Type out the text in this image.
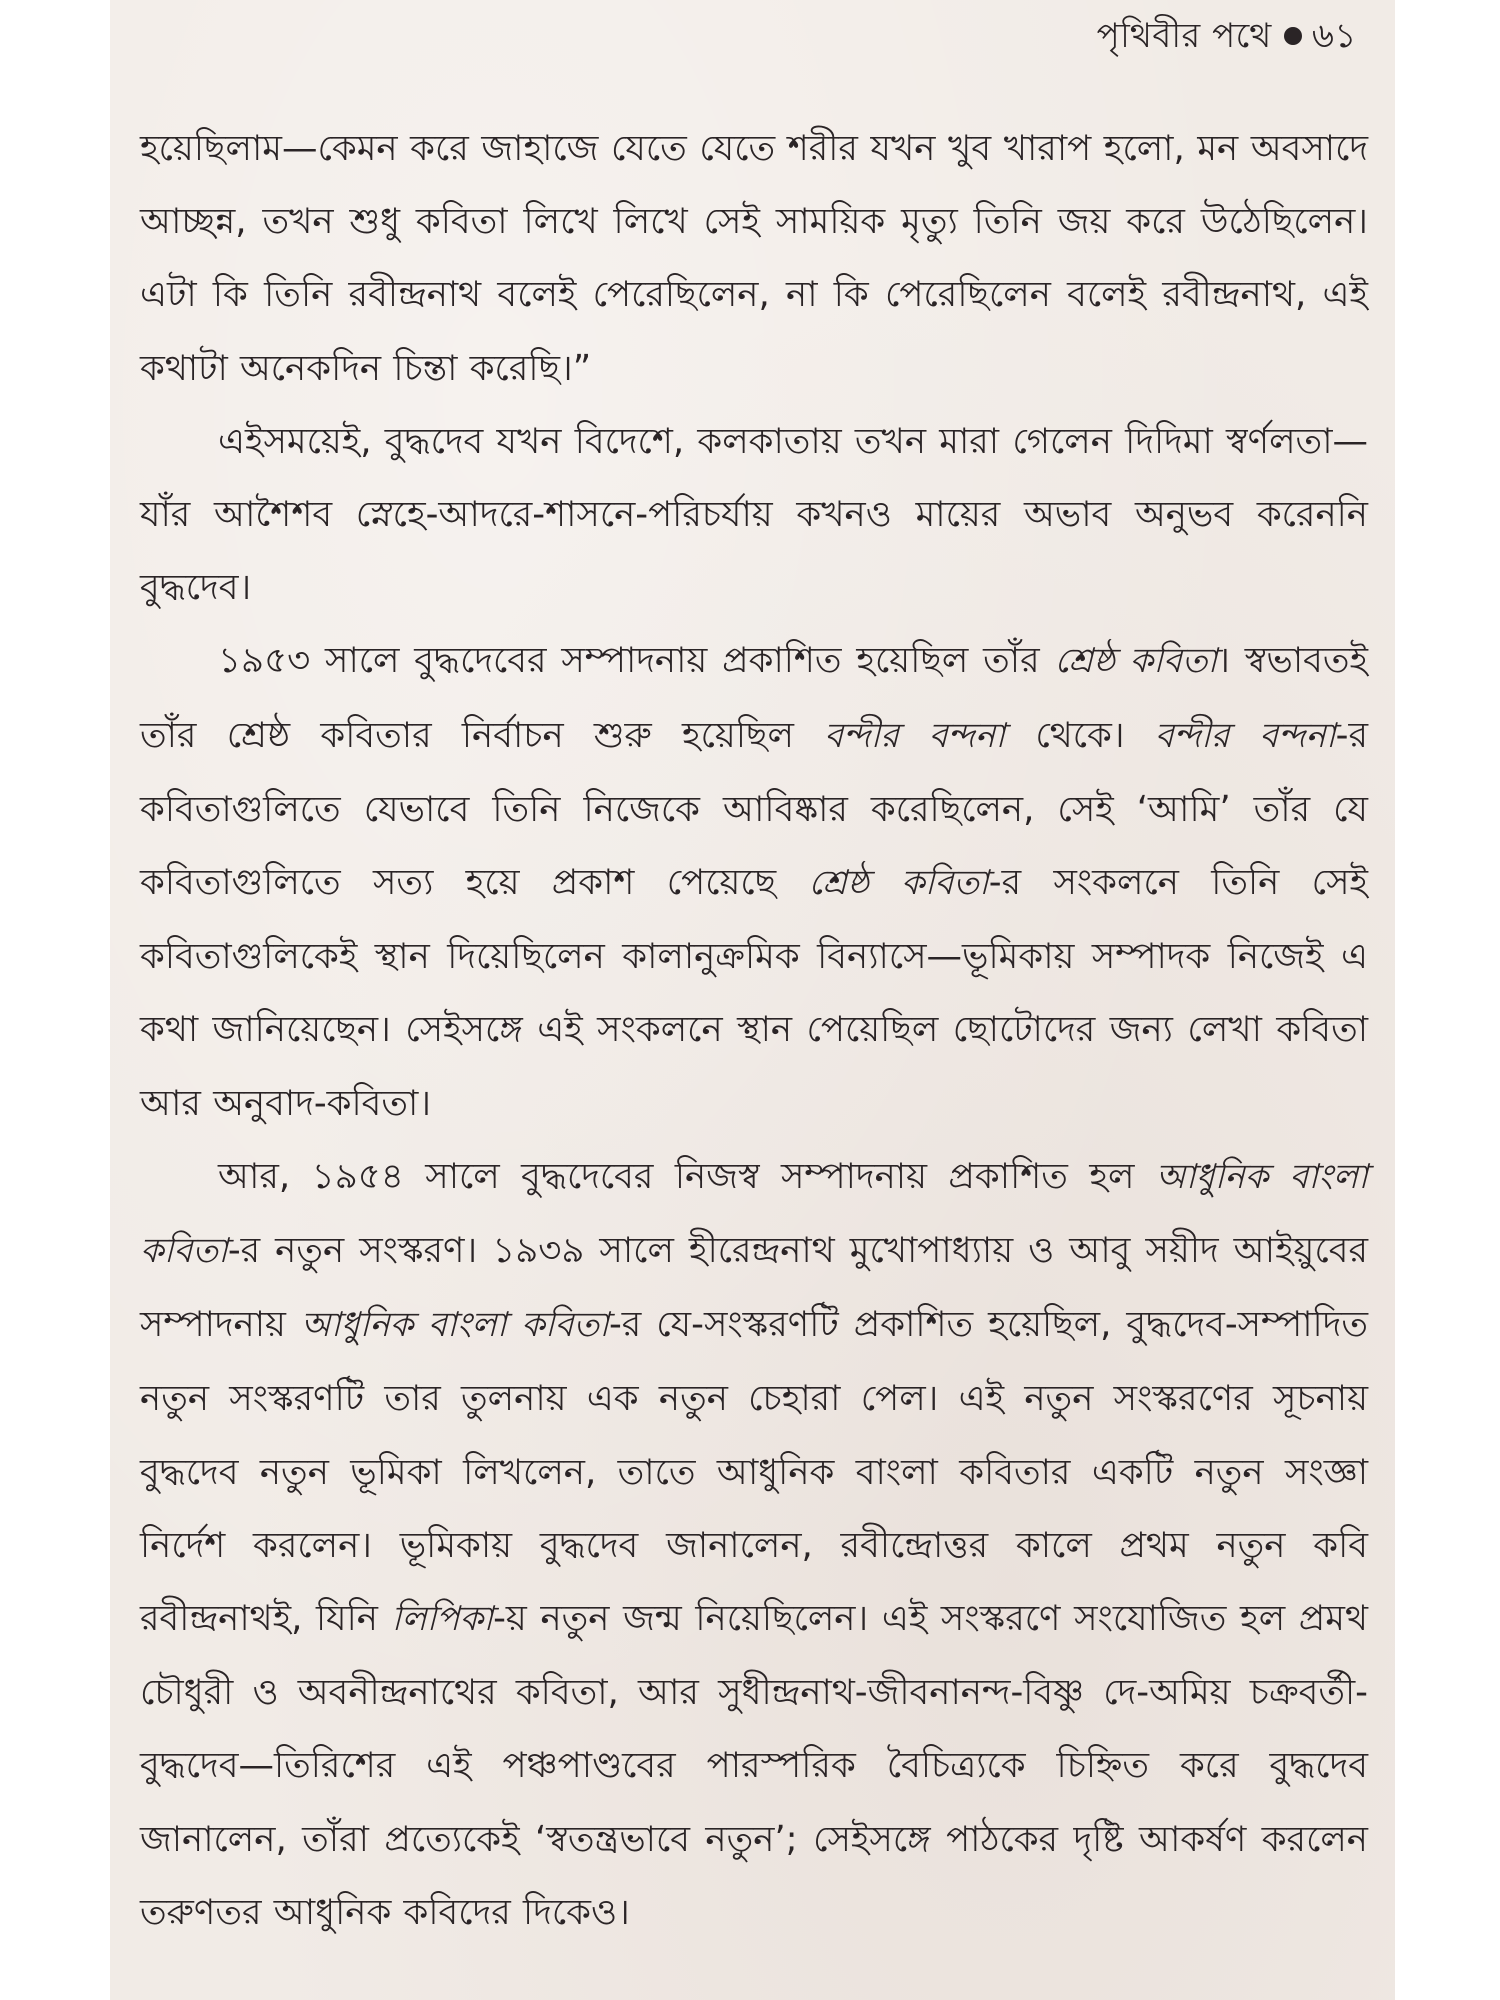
পৃথিবীর পথে ৬১

হয়েছিলাম—কেমন করে জাহাজে যেতে যেতে শরীর যখন খুব খারাপ হলো, মন অবসাদে আচ্ছন্ন, তখন শুধু কবিতা লিখে লিখে সেই সাময়িক মৃত্যু তিনি জয় করে উঠেছিলেন। এটা কি তিনি রবীন্দ্রনাথ বলেই পেরেছিলেন, না কি পেরেছিলেন বলেই রবীন্দ্রনাথ, এই কথাটা অনেকদিন চিন্তা করেছি।”

এইসময়েই, বুদ্ধদেব যখন বিদেশে, কলকাতায় তখন মারা গেলেন দিদিমা স্বর্ণলতা—যাঁর আশৈশব স্নেহে-আদরে-শাসনে-পরিচর্যায় কখনও মায়ের অভাব অনুভব করেননি বুদ্ধদেব।

১৯৫৩ সালে বুদ্ধদেবের সম্পাদনায় প্রকাশিত হয়েছিল তাঁর শ্রেষ্ঠ কবিতা। স্বভাবতই তাঁর শ্রেষ্ঠ কবিতার নির্বাচন শুরু হয়েছিল বন্দীর বন্দনা থেকে। বন্দীর বন্দনা-র কবিতাগুলিতে যেভাবে তিনি নিজেকে আবিষ্কার করেছিলেন, সেই ‘আমি’ তাঁর যে কবিতাগুলিতে সত্য হয়ে প্রকাশ পেয়েছে শ্রেষ্ঠ কবিতা-র সংকলনে তিনি সেই কবিতাগুলিকেই স্থান দিয়েছিলেন কালানুক্রমিক বিন্যাসে—ভূমিকায় সম্পাদক নিজেই এ কথা জানিয়েছেন। সেইসঙ্গে এই সংকলনে স্থান পেয়েছিল ছোটোদের জন্য লেখা কবিতা আর অনুবাদ-কবিতা।

আর, ১৯৫৪ সালে বুদ্ধদেবের নিজস্ব সম্পাদনায় প্রকাশিত হল আধুনিক বাংলা কবিতা-র নতুন সংস্করণ। ১৯৩৯ সালে হীরেন্দ্রনাথ মুখোপাধ্যায় ও আবু সয়ীদ আইয়ুবের সম্পাদনায় আধুনিক বাংলা কবিতা-র যে-সংস্করণটি প্রকাশিত হয়েছিল, বুদ্ধদেব-সম্পাদিত নতুন সংস্করণটি তার তুলনায় এক নতুন চেহারা পেল। এই নতুন সংস্করণের সূচনায় বুদ্ধদেব নতুন ভূমিকা লিখলেন, তাতে আধুনিক বাংলা কবিতার একটি নতুন সংজ্ঞা নির্দেশ করলেন। ভূমিকায় বুদ্ধদেব জানালেন, রবীন্দ্রোত্তর কালে প্রথম নতুন কবি রবীন্দ্রনাথই, যিনি লিপিকা-য় নতুন জন্ম নিয়েছিলেন। এই সংস্করণে সংযোজিত হল প্রমথ চৌধুরী ও অবনীন্দ্রনাথের কবিতা, আর সুধীন্দ্রনাথ-জীবনানন্দ-বিষ্ণু দে-অমিয় চক্রবর্তী-বুদ্ধদেব—তিরিশের এই পঞ্চপাণ্ডবের পারস্পরিক বৈচিত্র্যকে চিহ্নিত করে বুদ্ধদেব জানালেন, তাঁরা প্রত্যেকেই ‘স্বতন্ত্রভাবে নতুন’; সেইসঙ্গে পাঠকের দৃষ্টি আকর্ষণ করলেন তরুণতর আধুনিক কবিদের দিকেও।
